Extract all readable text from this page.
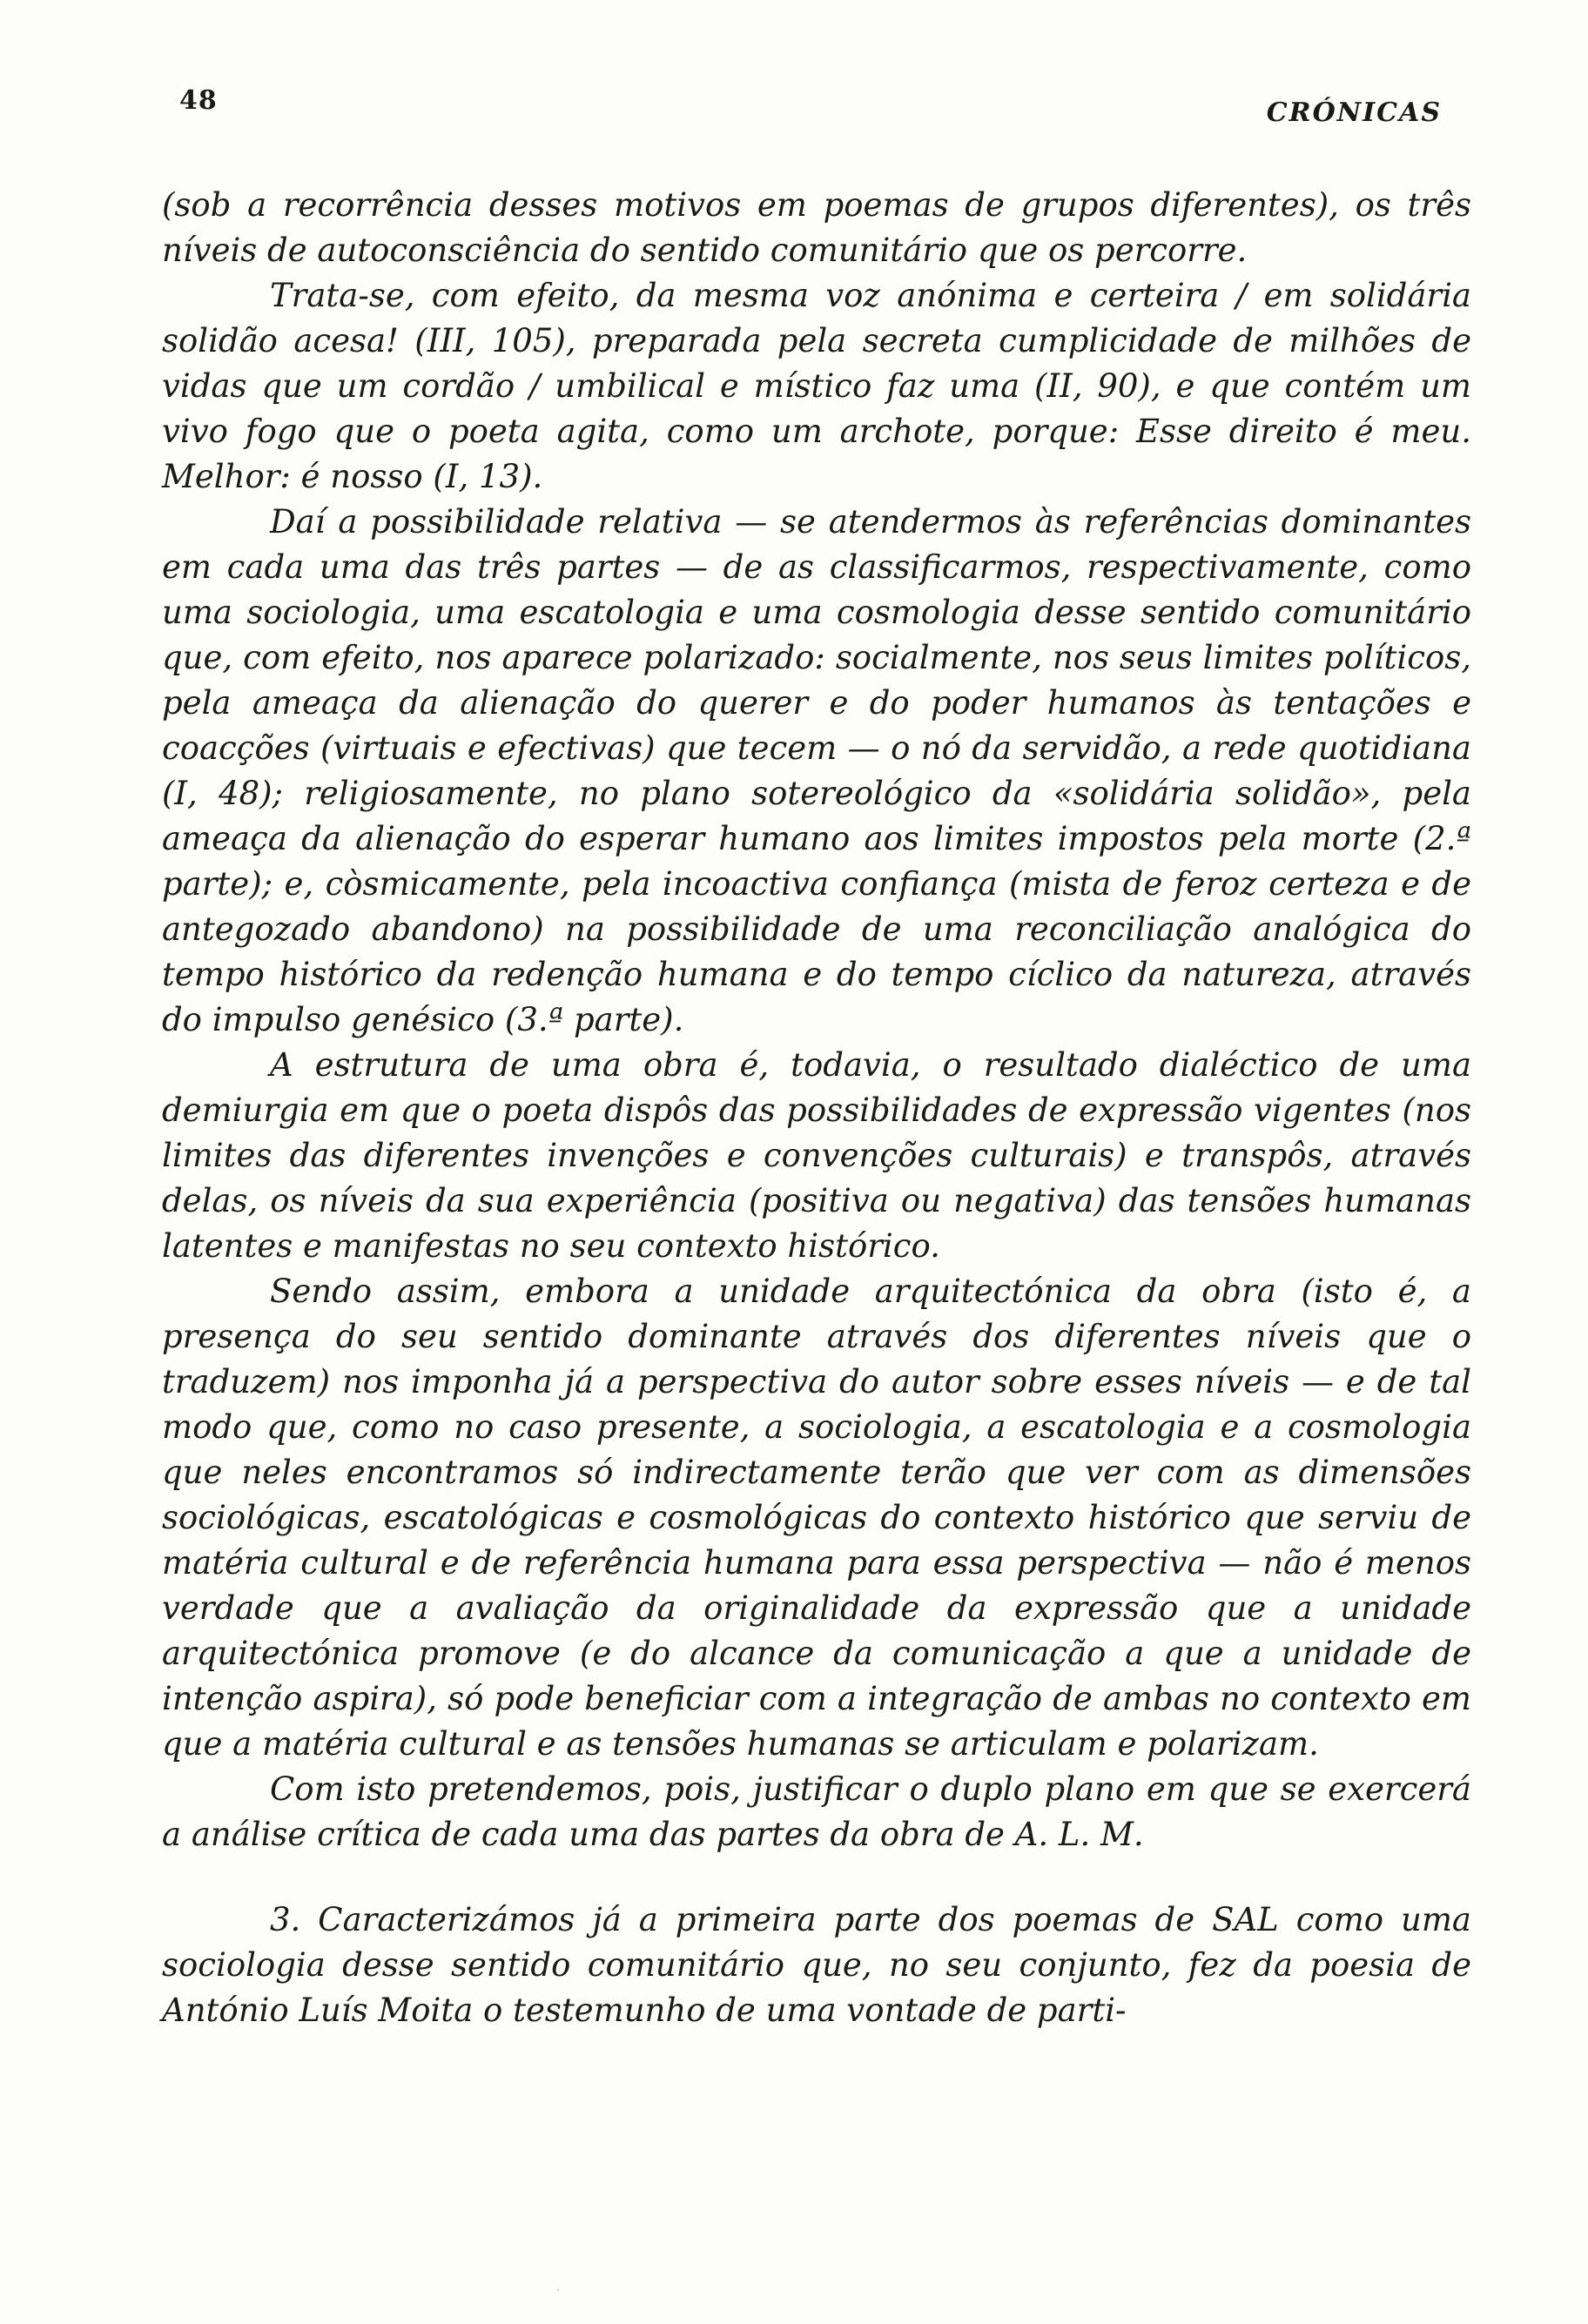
48	CRÓNICAS

(sob a recorrência desses motivos em poemas de grupos diferentes), os três níveis de autoconsciência do sentido comunitário que os percorre.

Trata-se, com efeito, da mesma voz anónima e certeira / em solidária solidão acesa! (III, 105), preparada pela secreta cumplicidade de milhões de vidas que um cordão / umbilical e místico faz uma (II, 90), e que contém um vivo fogo que o poeta agita, como um archote, porque: Esse direito é meu. Melhor: é nosso (I, 13).

Daí a possibilidade relativa — se atendermos às referências dominantes em cada uma das três partes — de as classificarmos, respectivamente, como uma sociologia, uma escatologia e uma cosmologia desse sentido comunitário que, com efeito, nos aparece polarizado: socialmente, nos seus limites políticos, pela ameaça da alienação do querer e do poder humanos às tentações e coacções (virtuais e efectivas) que tecem — o nó da servidão, a rede quotidiana (I, 48); religiosamente, no plano sotereológico da «solidária solidão», pela ameaça da alienação do esperar humano aos limites impostos pela morte (2.ª parte); e, còsmicamente, pela incoactiva confiança (mista de feroz certeza e de antegozado abandono) na possibilidade de uma reconciliação analógica do tempo histórico da redenção humana e do tempo cíclico da natureza, através do impulso genésico (3.ª parte).

A estrutura de uma obra é, todavia, o resultado dialéctico de uma demiurgia em que o poeta dispôs das possibilidades de expressão vigentes (nos limites das diferentes invenções e convenções culturais) e transpôs, através delas, os níveis da sua experiência (positiva ou negativa) das tensões humanas latentes e manifestas no seu contexto histórico.

Sendo assim, embora a unidade arquitectónica da obra (isto é, a presença do seu sentido dominante através dos diferentes níveis que o traduzem) nos imponha já a perspectiva do autor sobre esses níveis — e de tal modo que, como no caso presente, a sociologia, a escatologia e a cosmologia que neles encontramos só indirectamente terão que ver com as dimensões sociológicas, escatológicas e cosmológicas do contexto histórico que serviu de matéria cultural e de referência humana para essa perspectiva — não é menos verdade que a avaliação da originalidade da expressão que a unidade arquitectónica promove (e do alcance da comunicação a que a unidade de intenção aspira), só pode beneficiar com a integração de ambas no contexto em que a matéria cultural e as tensões humanas se articulam e polarizam.

Com isto pretendemos, pois, justificar o duplo plano em que se exercerá a análise crítica de cada uma das partes da obra de A. L. M.

3. Caracterizámos já a primeira parte dos poemas de SAL como uma sociologia desse sentido comunitário que, no seu conjunto, fez da poesia de António Luís Moita o testemunho de uma vontade de parti-
